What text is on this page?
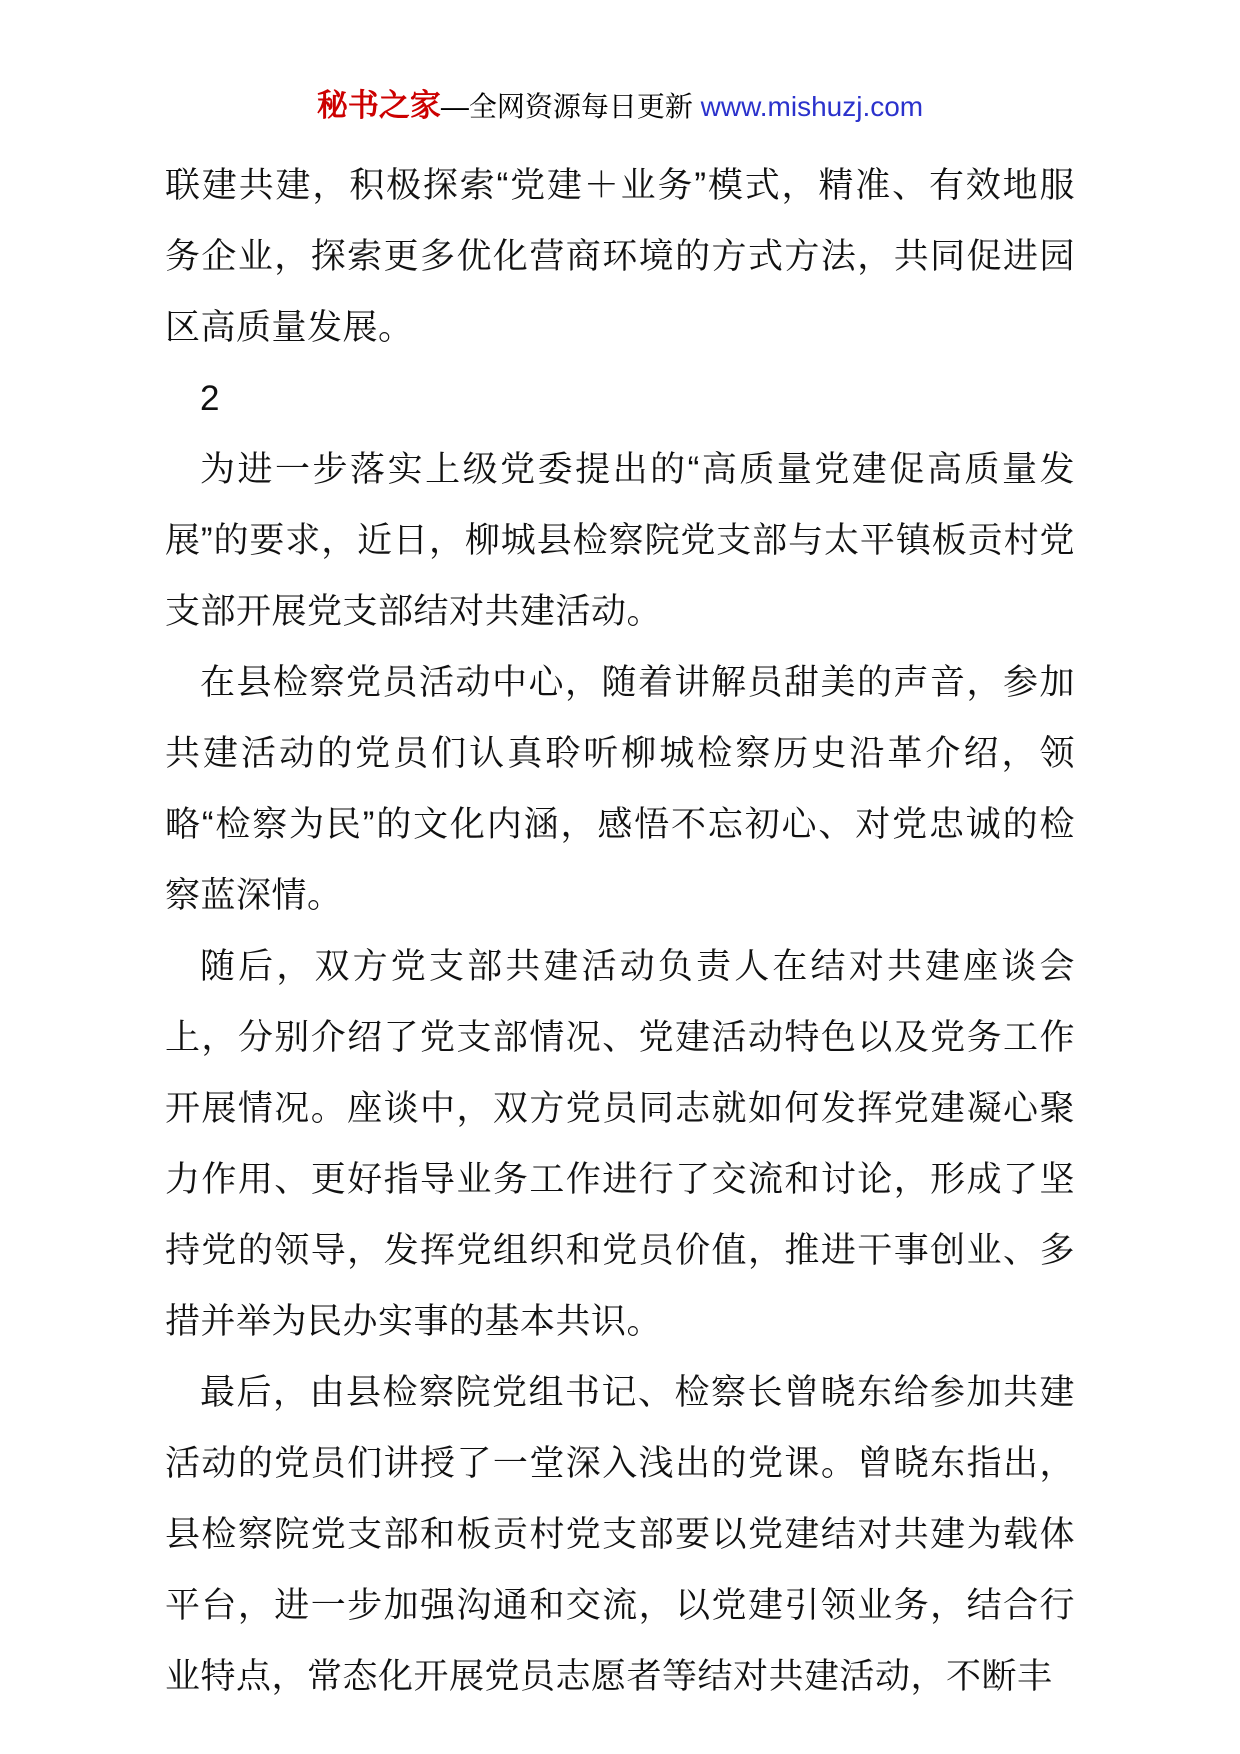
秘书之家—全网资源每日更新 www.mishuzj.com

联建共建，积极探索“党建＋业务”模式，精准、有效地服务企业，探索更多优化营商环境的方式方法，共同促进园区高质量发展。

2

为进一步落实上级党委提出的“高质量党建促高质量发展”的要求，近日，柳城县检察院党支部与太平镇板贡村党支部开展党支部结对共建活动。

在县检察党员活动中心，随着讲解员甜美的声音，参加共建活动的党员们认真聆听柳城检察历史沿革介绍，领略“检察为民”的文化内涵，感悟不忘初心、对党忠诚的检察蓝深情。

随后，双方党支部共建活动负责人在结对共建座谈会上，分别介绍了党支部情况、党建活动特色以及党务工作开展情况。座谈中，双方党员同志就如何发挥党建凝心聚力作用、更好指导业务工作进行了交流和讨论，形成了坚持党的领导，发挥党组织和党员价值，推进干事创业、多措并举为民办实事的基本共识。

最后，由县检察院党组书记、检察长曾晓东给参加共建活动的党员们讲授了一堂深入浅出的党课。曾晓东指出，县检察院党支部和板贡村党支部要以党建结对共建为载体平台，进一步加强沟通和交流，以党建引领业务，结合行业特点，常态化开展党员志愿者等结对共建活动，不断丰
